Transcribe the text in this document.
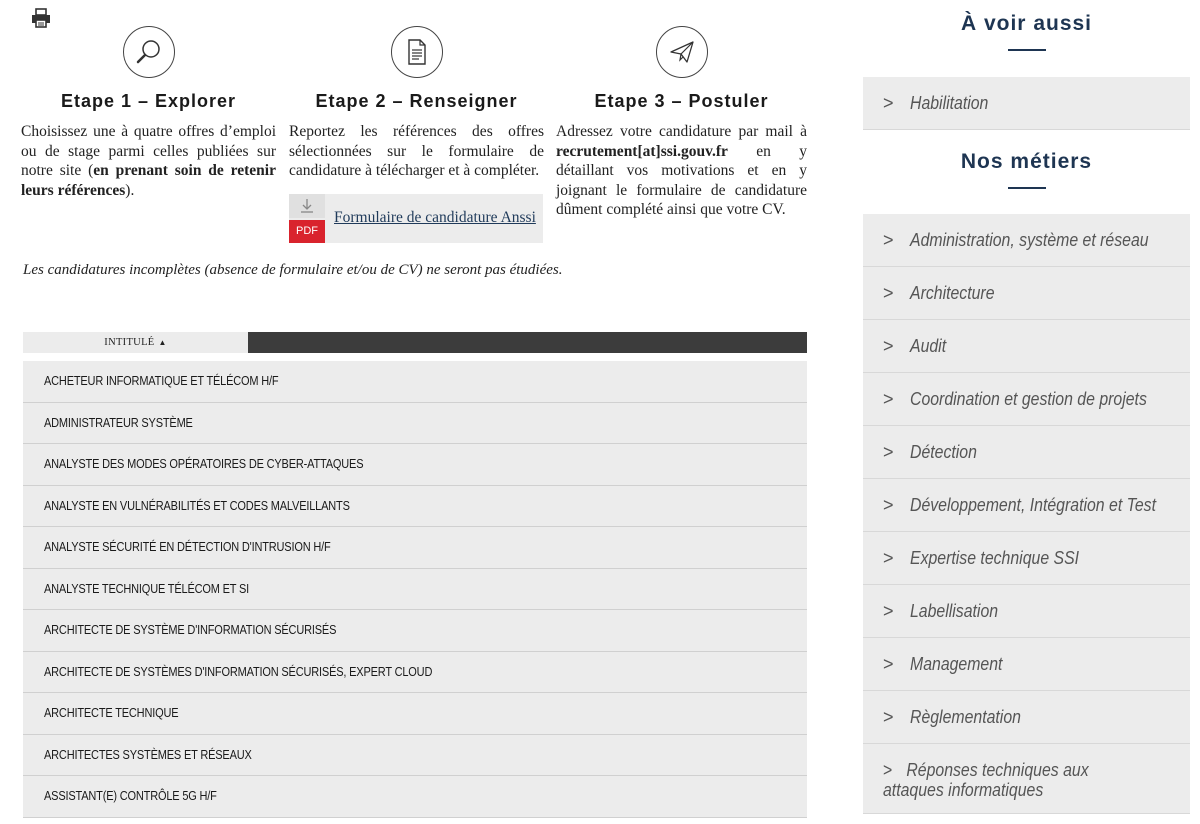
Etape 1 – Explorer
Choisissez une à quatre offres d’emploi ou de stage parmi celles publiées sur notre site (en prenant soin de retenir leurs références).
Etape 2 – Renseigner
Reportez les références des offres sélectionnées sur le formulaire de candidature à télécharger et à compléter.
PDF
Formulaire de candidature Anssi
Etape 3 – Postuler
Adressez votre candidature par mail à recrutement[at]ssi.gouv.fr en y détaillant vos motivations et en y joignant le formulaire de candidature dûment complété ainsi que votre CV.
Les candidatures incomplètes (absence de formulaire et/ou de CV) ne seront pas étudiées.
INTITULÉ ▲
ACHETEUR INFORMATIQUE ET TÉLÉCOM H/F
ADMINISTRATEUR SYSTÈME
ANALYSTE DES MODES OPÉRATOIRES DE CYBER-ATTAQUES
ANALYSTE EN VULNÉRABILITÉS ET CODES MALVEILLANTS
ANALYSTE SÉCURITÉ EN DÉTECTION D'INTRUSION H/F
ANALYSTE TECHNIQUE TÉLÉCOM ET SI
ARCHITECTE DE SYSTÈME D'INFORMATION SÉCURISÉS
ARCHITECTE DE SYSTÈMES D'INFORMATION SÉCURISÉS, EXPERT CLOUD
ARCHITECTE TECHNIQUE
ARCHITECTES SYSTÈMES ET RÉSEAUX
ASSISTANT(E) CONTRÔLE 5G H/F
À voir aussi
> Habilitation
Nos métiers
> Administration, système et réseau
> Architecture
> Audit
> Coordination et gestion de projets
> Détection
> Développement, Intégration et Test
> Expertise technique SSI
> Labellisation
> Management
> Règlementation
> Réponses techniques aux attaques informatiques
